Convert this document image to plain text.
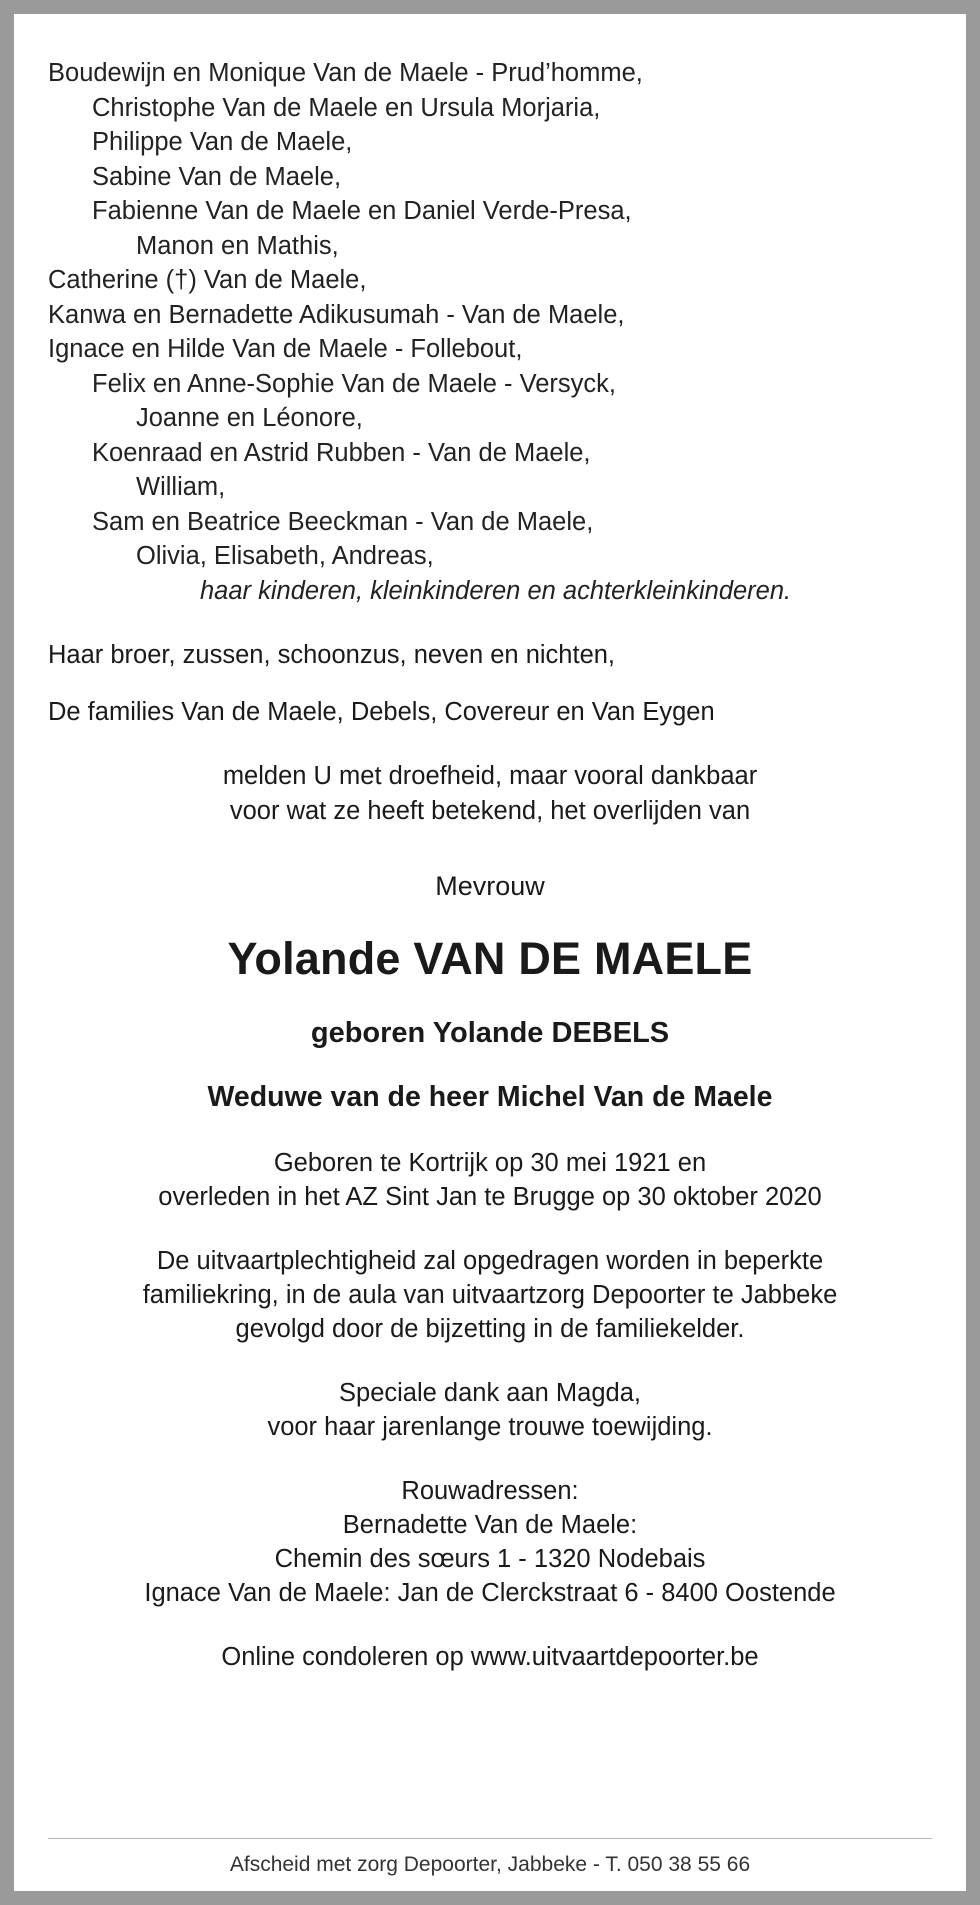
Boudewijn en Monique Van de Maele - Prud’homme,
Christophe Van de Maele en Ursula Morjaria,
Philippe Van de Maele,
Sabine Van de Maele,
Fabienne Van de Maele en Daniel Verde-Presa,
Manon en Mathis,
Catherine (†) Van de Maele,
Kanwa en Bernadette Adikusumah - Van de Maele,
Ignace en Hilde Van de Maele - Follebout,
Felix en Anne-Sophie Van de Maele - Versyck,
Joanne en Léonore,
Koenraad en Astrid Rubben - Van de Maele,
William,
Sam en Beatrice Beeckman - Van de Maele,
Olivia, Elisabeth, Andreas,
haar kinderen, kleinkinderen en achterkleinkinderen.
Haar broer, zussen, schoonzus, neven en nichten,
De families Van de Maele, Debels, Covereur en Van Eygen
melden U met droefheid, maar vooral dankbaar
voor wat ze heeft betekend, het overlijden van
Mevrouw
Yolande VAN DE MAELE
geboren Yolande DEBELS
Weduwe van de heer Michel Van de Maele
Geboren te Kortrijk op 30 mei 1921 en
overleden in het AZ Sint Jan te Brugge op 30 oktober 2020
De uitvaartplechtigheid zal opgedragen worden in beperkte
familiekring, in de aula van uitvaartzorg Depoorter te Jabbeke
gevolgd door de bijzetting in de familiekelder.
Speciale dank aan Magda,
voor haar jarenlange trouwe toewijding.
Rouwadressen:
Bernadette Van de Maele:
Chemin des sœurs 1 - 1320 Nodebais
Ignace Van de Maele: Jan de Clerckstraat 6 - 8400 Oostende
Online condoleren op www.uitvaartdepoorter.be
Afscheid met zorg Depoorter, Jabbeke - T. 050 38 55 66
